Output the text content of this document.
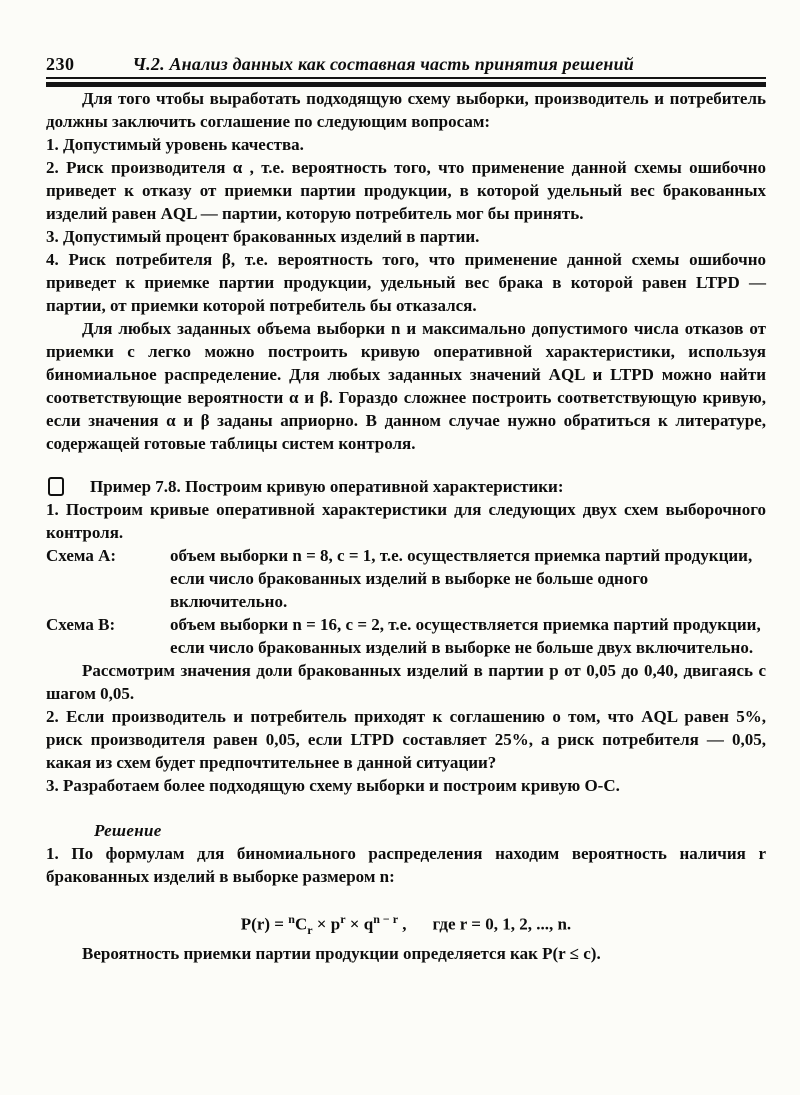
230	Ч.2. Анализ данных как составная часть принятия решений

Для того чтобы выработать подходящую схему выборки, производитель и потребитель должны заключить соглашение по следующим вопросам:

1. Допустимый уровень качества.

2. Риск производителя α , т.е. вероятность того, что применение данной схемы ошибочно приведет к отказу от приемки партии продукции, в которой удельный вес бракованных изделий равен AQL — партии, которую потребитель мог бы принять.

3. Допустимый процент бракованных изделий в партии.

4. Риск потребителя β, т.е. вероятность того, что применение данной схемы ошибочно приведет к приемке партии продукции, удельный вес брака в которой равен LTPD — партии, от приемки которой потребитель бы отказался.

Для любых заданных объема выборки n и максимально допустимого числа отказов от приемки c легко можно построить кривую оперативной характеристики, используя биномиальное распределение. Для любых заданных значений AQL и LTPD можно найти соответствующие вероятности α и β. Гораздо сложнее построить соответствующую кривую, если значения α и β заданы априорно. В данном случае нужно обратиться к литературе, содержащей готовые таблицы систем контроля.

Пример 7.8. Построим кривую оперативной характеристики:

1. Построим кривые оперативной характеристики для следующих двух схем выборочного контроля.

Схема A:	объем выборки n = 8, c = 1, т.е. осуществляется приемка партий продукции, если число бракованных изделий в выборке не больше одного включительно.
Схема B:	объем выборки n = 16, c = 2, т.е. осуществляется приемка партий продукции, если число бракованных изделий в выборке не больше двух включительно.

Рассмотрим значения доли бракованных изделий в партии p от 0,05 до 0,40, двигаясь с шагом 0,05.

2. Если производитель и потребитель приходят к соглашению о том, что AQL равен 5%, риск производителя равен 0,05, если LTPD составляет 25%, а риск потребителя — 0,05, какая из схем будет предпочтительнее в данной ситуации?

3. Разработаем более подходящую схему выборки и построим кривую O-C.

Решение

1. По формулам для биномиального распределения находим вероятность наличия r бракованных изделий в выборке размером n:

$P(r) = ^nC_r \times p^r \times q^{n - r}$ , где r = 0, 1, 2, ..., n.

Вероятность приемки партии продукции определяется как P(r ≤ c).
